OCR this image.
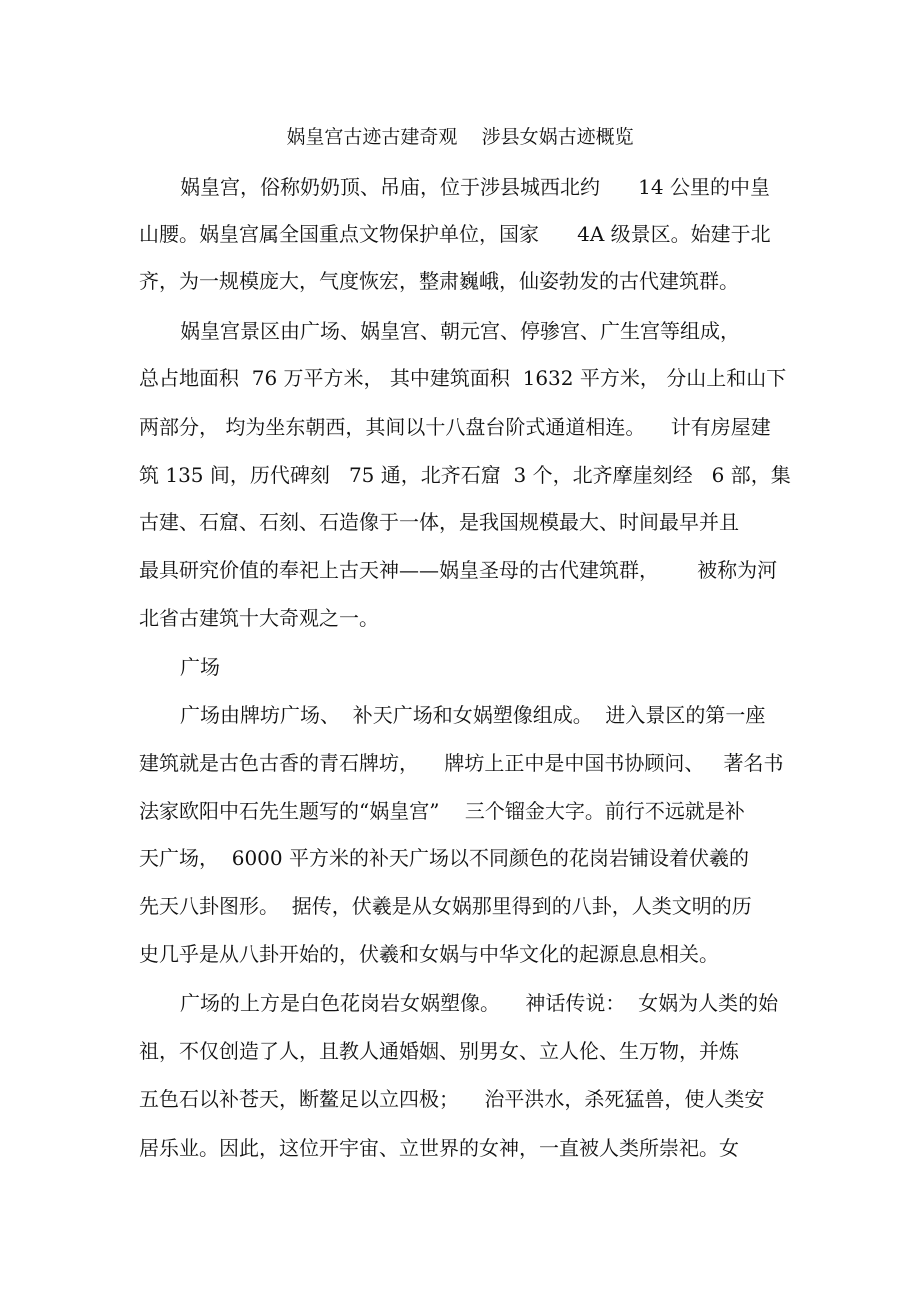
娲皇宫古迹古建奇观    涉县女娲古迹概览
娲皇宫，俗称奶奶顶、吊庙，位于涉县城西北约      14 公里的中皇
山腰。娲皇宫属全国重点文物保护单位，国家      4A 级景区。始建于北
齐，为一规模庞大，气度恢宏，整肃巍峨，仙姿勃发的古代建筑群。
娲皇宫景区由广场、娲皇宫、朝元宫、停骖宫、广生宫等组成，
总占地面积  76 万平方米， 其中建筑面积  1632 平方米， 分山上和山下
两部分， 均为坐东朝西，其间以十八盘台阶式通道相连。    计有房屋建
筑 135 间，历代碑刻   75 通，北齐石窟  3 个，北齐摩崖刻经   6 部，集
古建、石窟、石刻、石造像于一体，是我国规模最大、时间最早并且
最具研究价值的奉祀上古天神——娲皇圣母的古代建筑群，      被称为河
北省古建筑十大奇观之一。
广场
广场由牌坊广场、  补天广场和女娲塑像组成。  进入景区的第一座
建筑就是古色古香的青石牌坊，    牌坊上正中是中国书协顾问、   著名书
法家欧阳中石先生题写的“娲皇宫”    三个镏金大字。前行不远就是补
天广场，  6000 平方米的补天广场以不同颜色的花岗岩铺设着伏羲的
先天八卦图形。  据传，伏羲是从女娲那里得到的八卦，人类文明的历
史几乎是从八卦开始的，伏羲和女娲与中华文化的起源息息相关。
广场的上方是白色花岗岩女娲塑像。    神话传说：  女娲为人类的始
祖，不仅创造了人，且教人通婚姻、别男女、立人伦、生万物，并炼
五色石以补苍天，断鳌足以立四极；    治平洪水，杀死猛兽，使人类安
居乐业。因此，这位开宇宙、立世界的女神，一直被人类所崇祀。女
